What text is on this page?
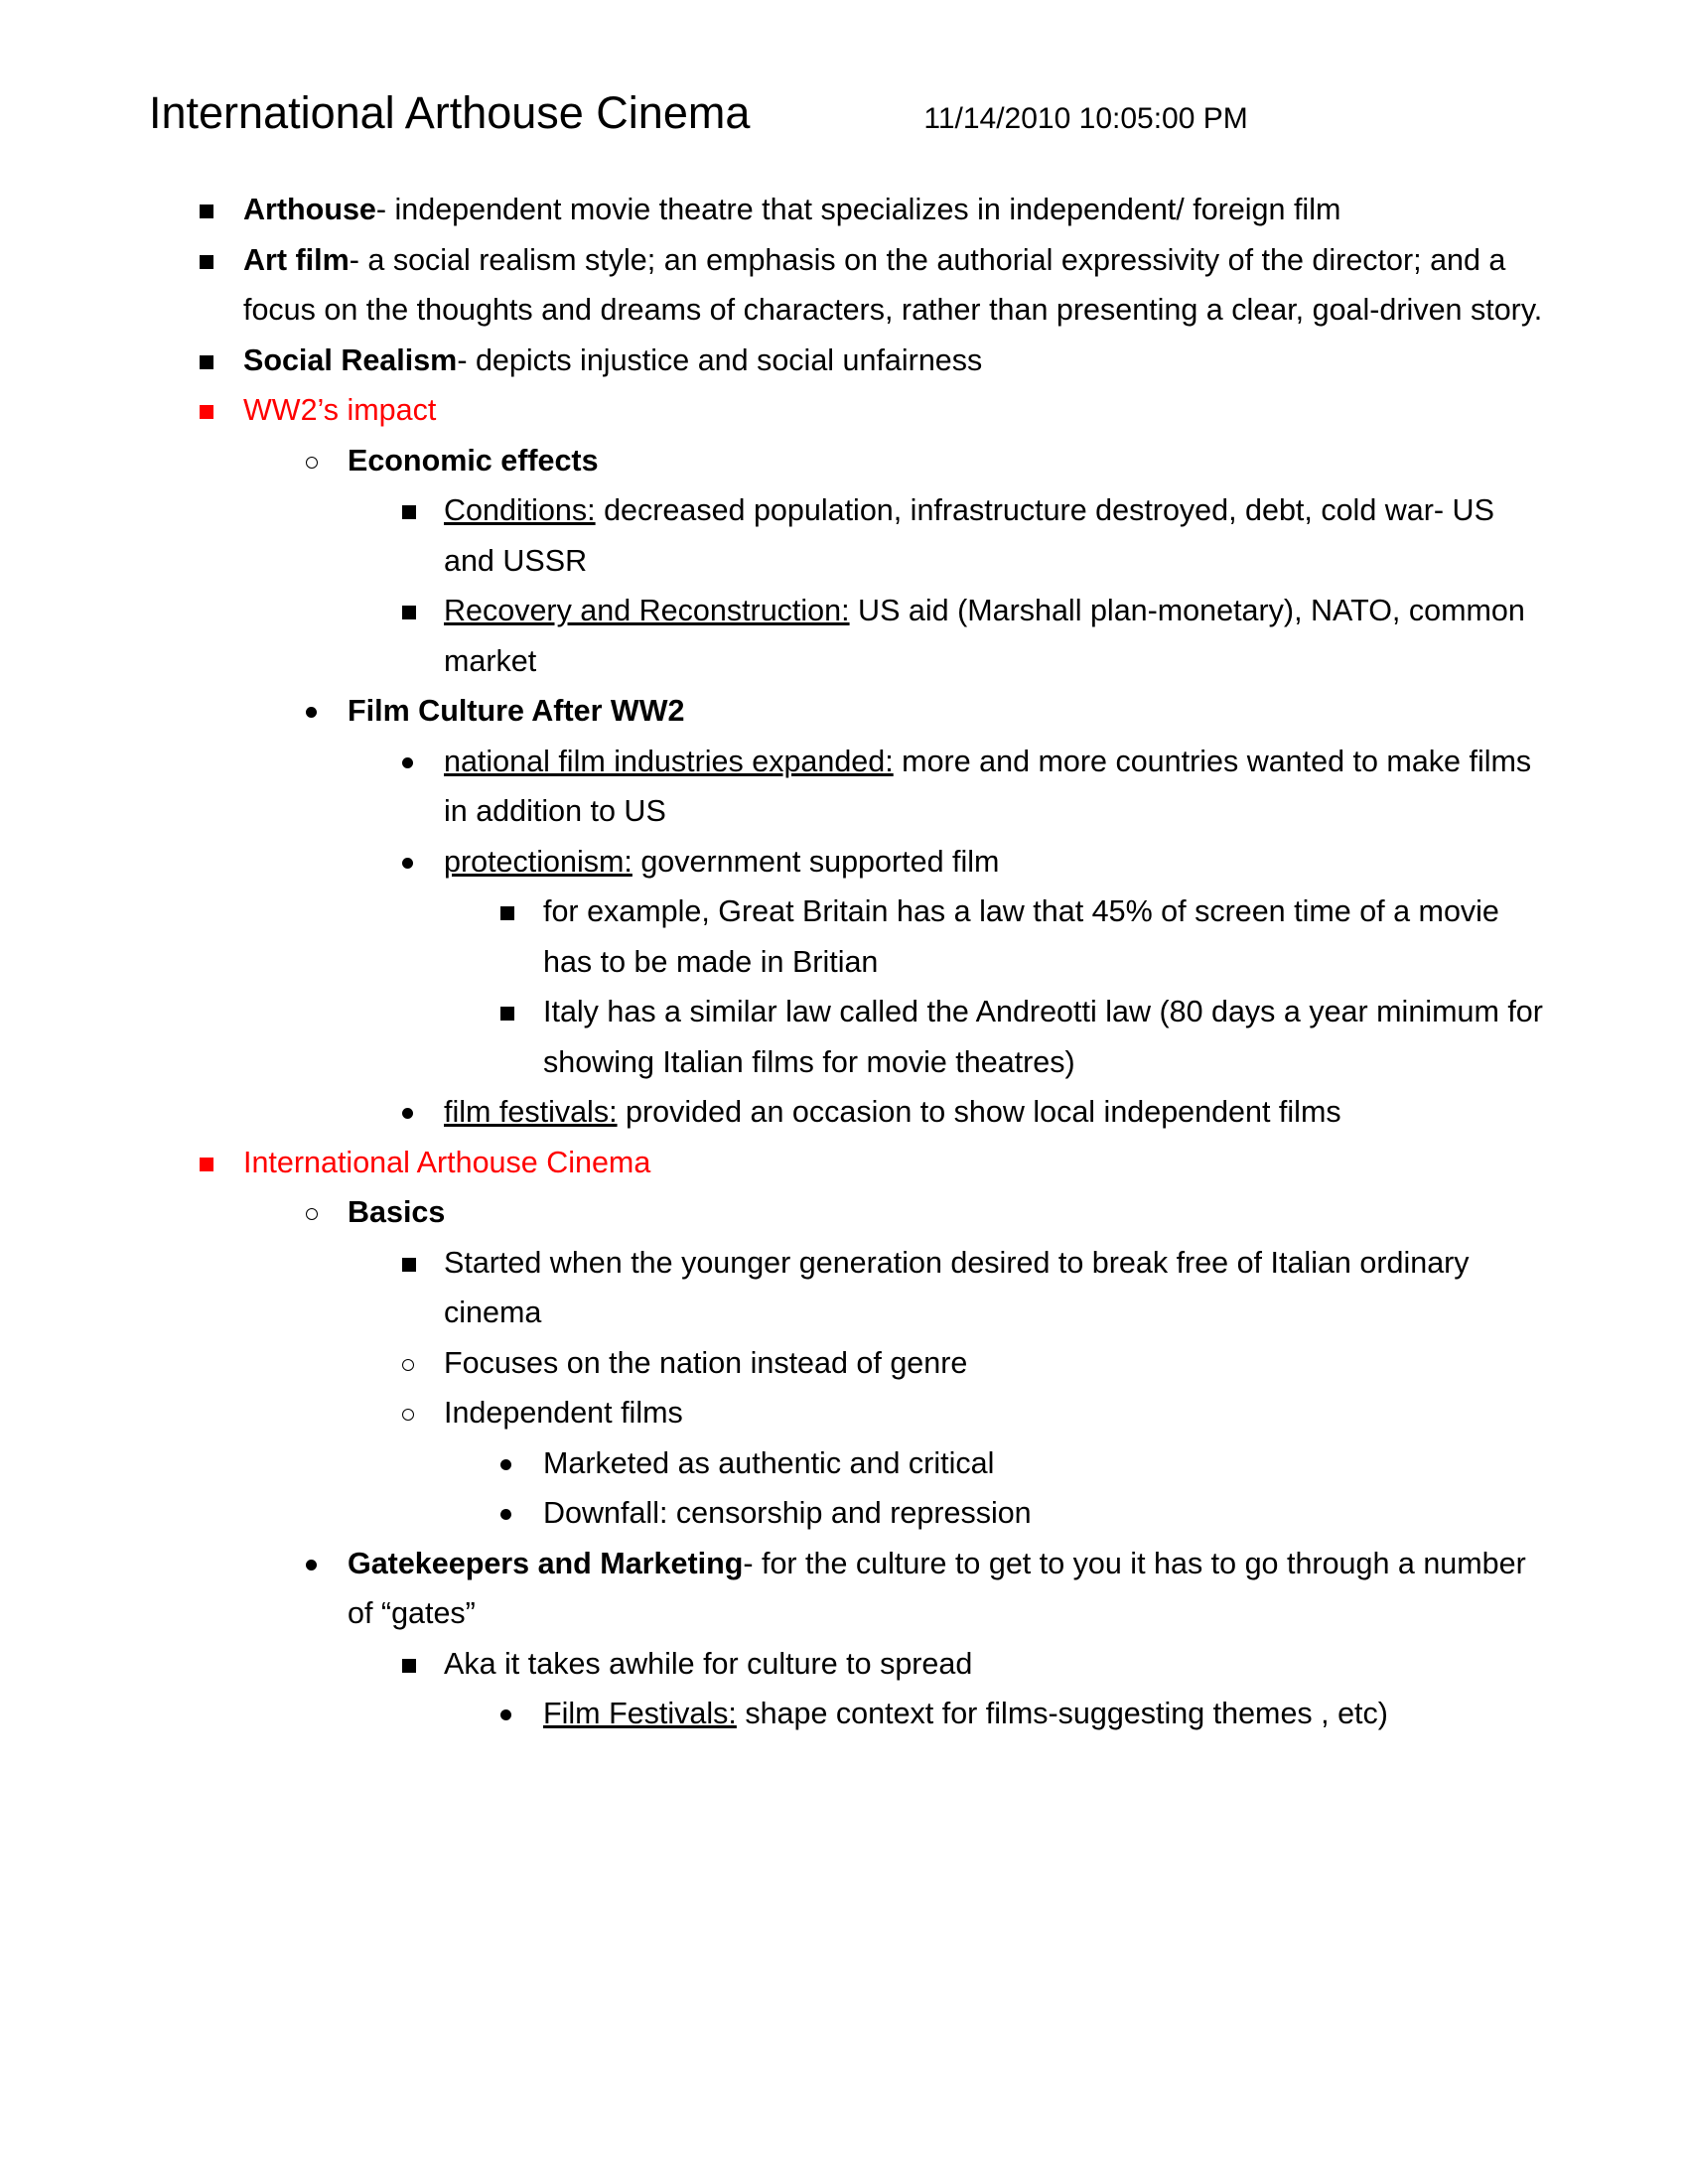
International Arthouse Cinema	11/14/2010 10:05:00 PM
Arthouse- independent movie theatre that specializes in independent/ foreign film
Art film- a social realism style; an emphasis on the authorial expressivity of the director; and a focus on the thoughts and dreams of characters, rather than presenting a clear, goal-driven story.
Social Realism- depicts injustice and social unfairness
WW2’s impact
Economic effects
Conditions: decreased population, infrastructure destroyed, debt, cold war- US and USSR
Recovery and Reconstruction: US aid (Marshall plan-monetary), NATO, common market
Film Culture After WW2
national film industries expanded: more and more countries wanted to make films in addition to US
protectionism: government supported film
for example, Great Britain has a law that 45% of screen time of a movie has to be made in Britian
Italy has a similar law called the Andreotti law (80 days a year minimum for showing Italian films for movie theatres)
film festivals: provided an occasion to show local independent films
International Arthouse Cinema
Basics
Started when the younger generation desired to break free of Italian ordinary cinema
Focuses on the nation instead of genre
Independent films
Marketed as authentic and critical
Downfall: censorship and repression
Gatekeepers and Marketing- for the culture to get to you it has to go through a number of “gates”
Aka it takes awhile for culture to spread
Film Festivals: shape context for films-suggesting themes , etc)
